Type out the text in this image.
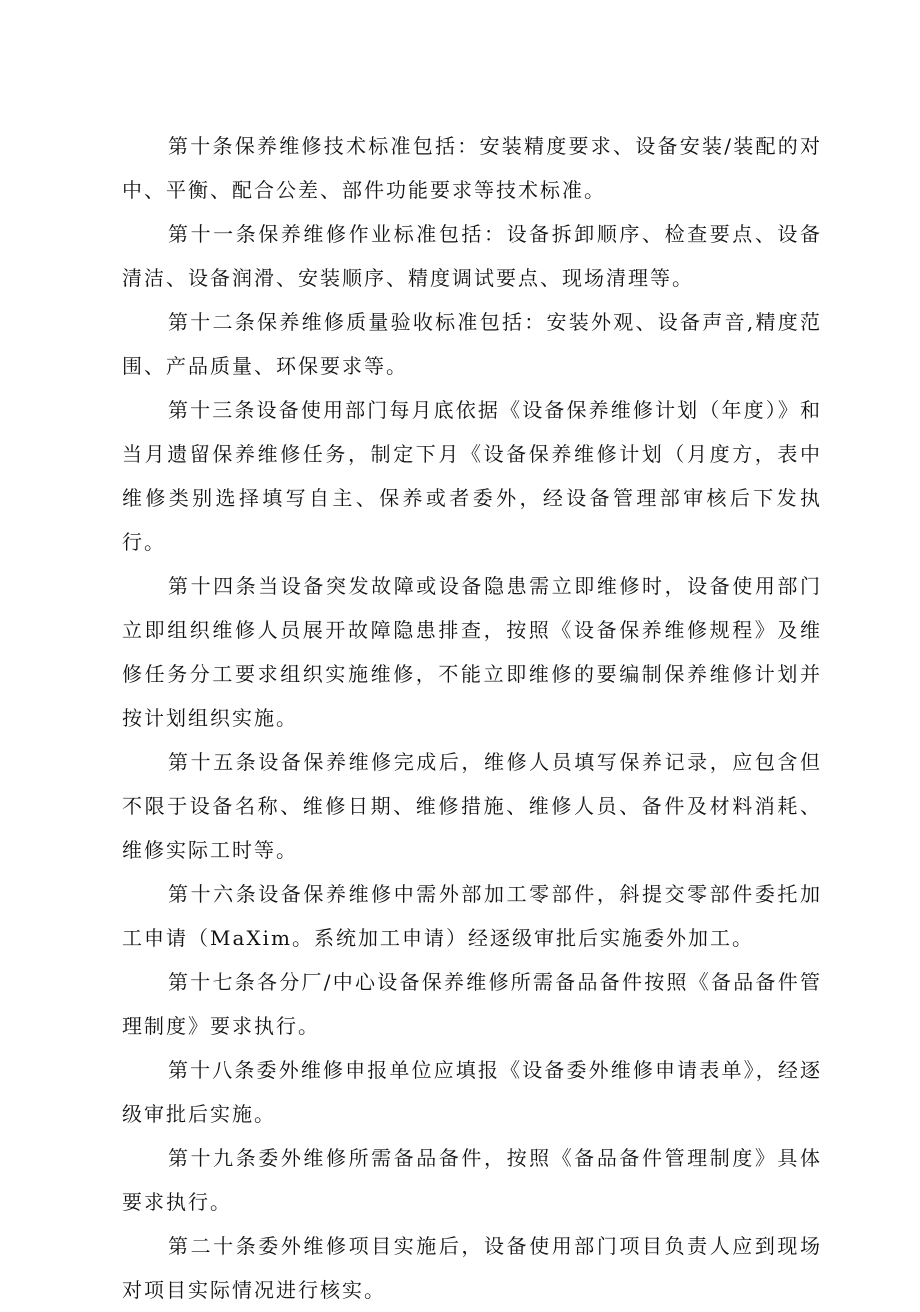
第十条保养维修技术标准包括：安装精度要求、设备安装/装配的对中、平衡、配合公差、部件功能要求等技术标准。

第十一条保养维修作业标准包括：设备拆卸顺序、检查要点、设备清洁、设备润滑、安装顺序、精度调试要点、现场清理等。

第十二条保养维修质量验收标准包括：安装外观、设备声音,精度范围、产品质量、环保要求等。

第十三条设备使用部门每月底依据《设备保养维修计划（年度）》和当月遗留保养维修任务，制定下月《设备保养维修计划（月度方，表中维修类别选择填写自主、保养或者委外，经设备管理部审核后下发执行。

第十四条当设备突发故障或设备隐患需立即维修时，设备使用部门立即组织维修人员展开故障隐患排查，按照《设备保养维修规程》及维修任务分工要求组织实施维修，不能立即维修的要编制保养维修计划并按计划组织实施。

第十五条设备保养维修完成后，维修人员填写保养记录，应包含但不限于设备名称、维修日期、维修措施、维修人员、备件及材料消耗、维修实际工时等。

第十六条设备保养维修中需外部加工零部件，斜提交零部件委托加工申请（MaXim。系统加工申请）经逐级审批后实施委外加工。

第十七条各分厂/中心设备保养维修所需备品备件按照《备品备件管理制度》要求执行。

第十八条委外维修申报单位应填报《设备委外维修申请表单》，经逐级审批后实施。

第十九条委外维修所需备品备件，按照《备品备件管理制度》具体要求执行。

第二十条委外维修项目实施后，设备使用部门项目负责人应到现场对项目实际情况进行核实。
